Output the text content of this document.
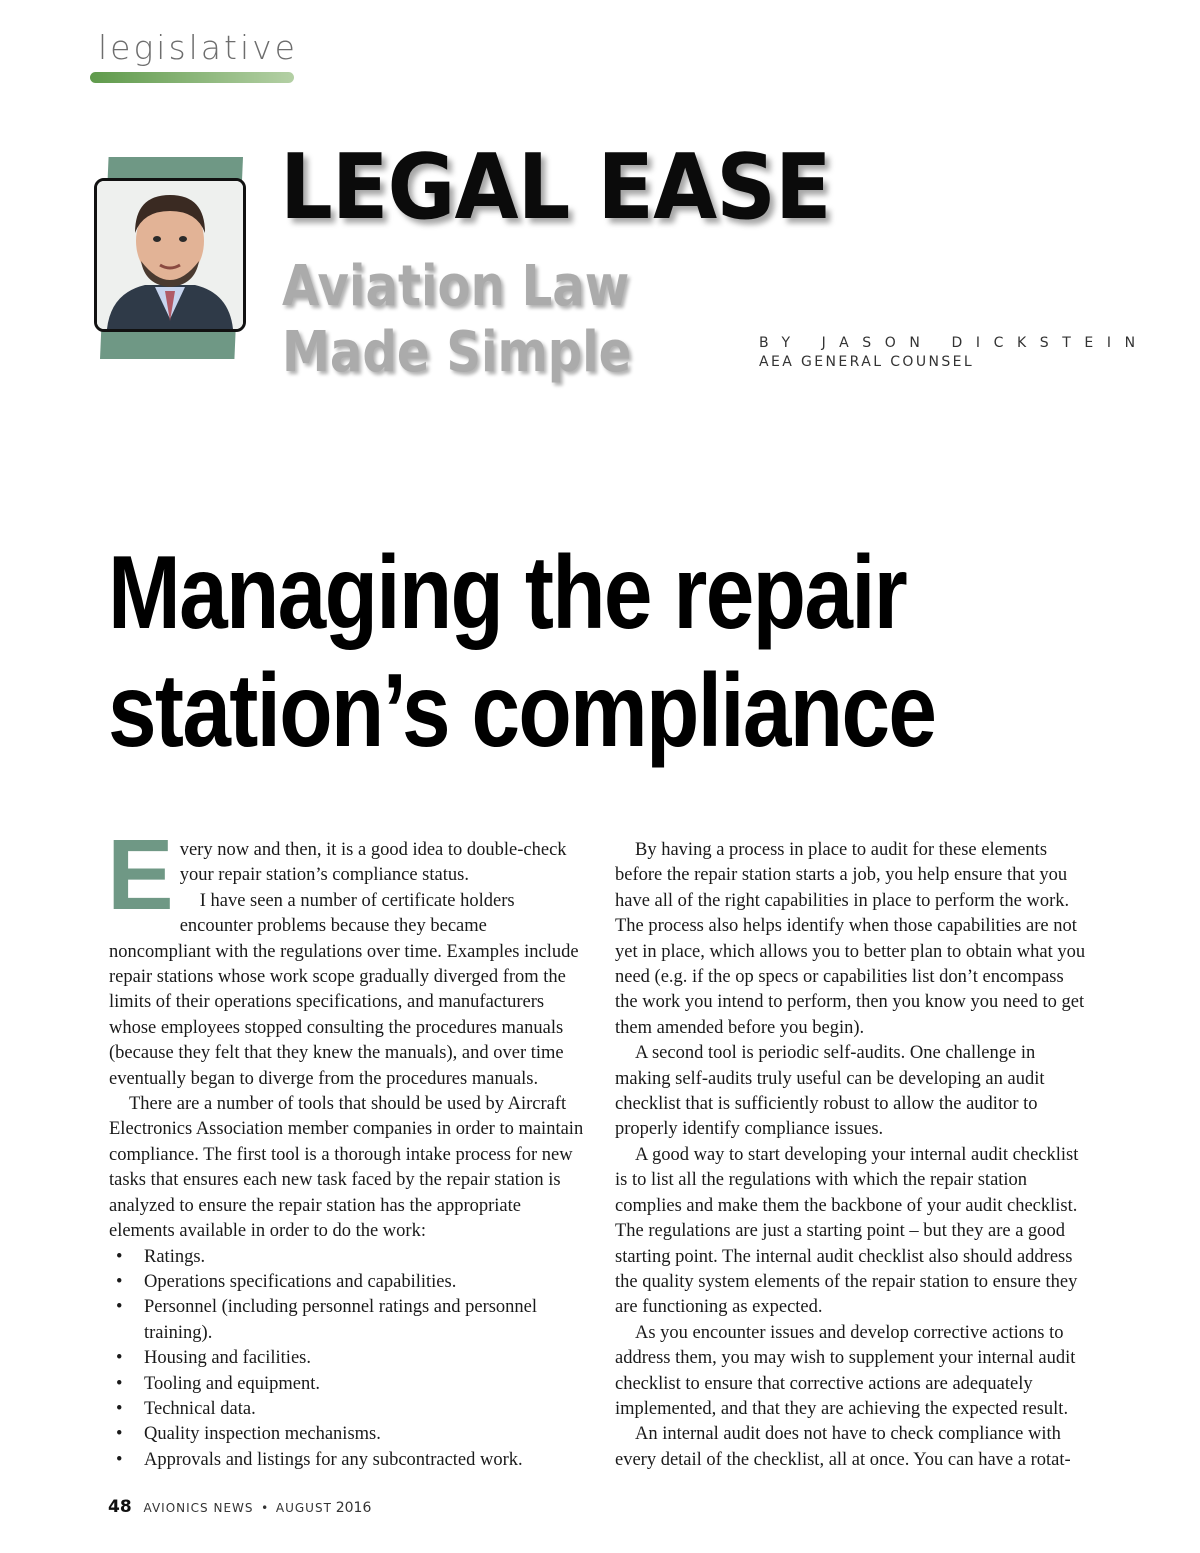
legislative
LEGAL EASE
Aviation Law
Made Simple	BY JASON DICKSTEIN
AEA GENERAL COUNSEL
Managing the repair
station’s compliance

Every now and then, it is a good idea to double-check your repair station’s compliance status.

I have seen a number of certificate holders encounter problems because they became noncompliant with the regulations over time. Examples include repair stations whose work scope gradually diverged from the limits of their operations specifications, and manufacturers whose employees stopped consulting the procedures manuals (because they felt that they knew the manuals), and over time eventually began to diverge from the procedures manuals.

There are a number of tools that should be used by Aircraft Electronics Association member companies in order to maintain compliance. The first tool is a thorough intake process for new tasks that ensures each new task faced by the repair station is analyzed to ensure the repair station has the appropriate elements available in order to do the work:

• Ratings.
• Operations specifications and capabilities.
• Personnel (including personnel ratings and personnel training).
• Housing and facilities.
• Tooling and equipment.
• Technical data.
• Quality inspection mechanisms.
• Approvals and listings for any subcontracted work.

By having a process in place to audit for these elements before the repair station starts a job, you help ensure that you have all of the right capabilities in place to perform the work. The process also helps identify when those capabilities are not yet in place, which allows you to better plan to obtain what you need (e.g. if the op specs or capabilities list don’t encompass the work you intend to perform, then you know you need to get them amended before you begin).

A second tool is periodic self-audits. One challenge in making self-audits truly useful can be developing an audit checklist that is sufficiently robust to allow the auditor to properly identify compliance issues.

A good way to start developing your internal audit checklist is to list all the regulations with which the repair station complies and make them the backbone of your audit checklist. The regulations are just a starting point – but they are a good starting point. The internal audit checklist also should address the quality system elements of the repair station to ensure they are functioning as expected.

As you encounter issues and develop corrective actions to address them, you may wish to supplement your internal audit checklist to ensure that corrective actions are adequately implemented, and that they are achieving the expected result.

An internal audit does not have to check compliance with every detail of the checklist, all at once. You can have a rotat-

48 AVIONICS NEWS • AUGUST 2016
